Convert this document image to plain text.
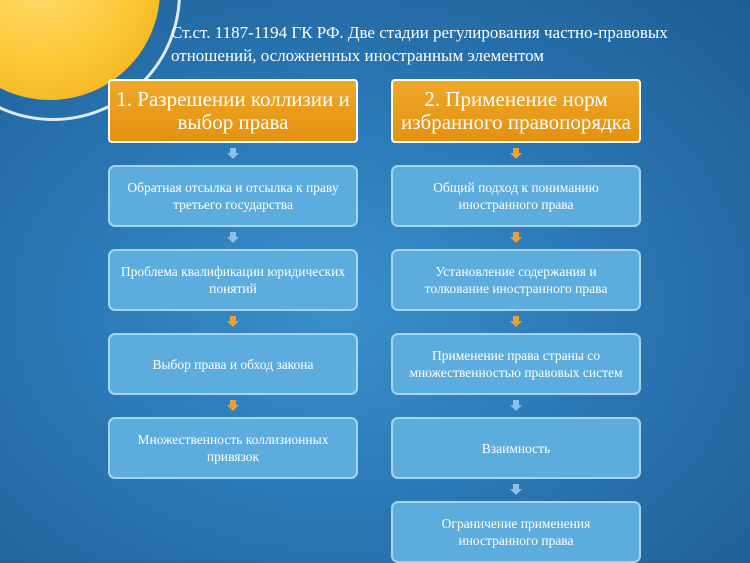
Ст.ст. 1187-1194 ГК РФ. Две стадии регулирования частно-правовых отношений, осложненных иностранным элементом
1. Разрешении коллизии и выбор права
Обратная отсылка и отсылка к праву третьего государства
Проблема квалификации юридических понятий
Выбор права и обход закона
Множественность коллизионных привязок
2. Применение норм избранного правопорядка
Общий подход к пониманию иностранного права
Установление содержания и толкование иностранного права
Применение права страны со множественностью правовых систем
Взаимность
Ограничение применения иностранного права
